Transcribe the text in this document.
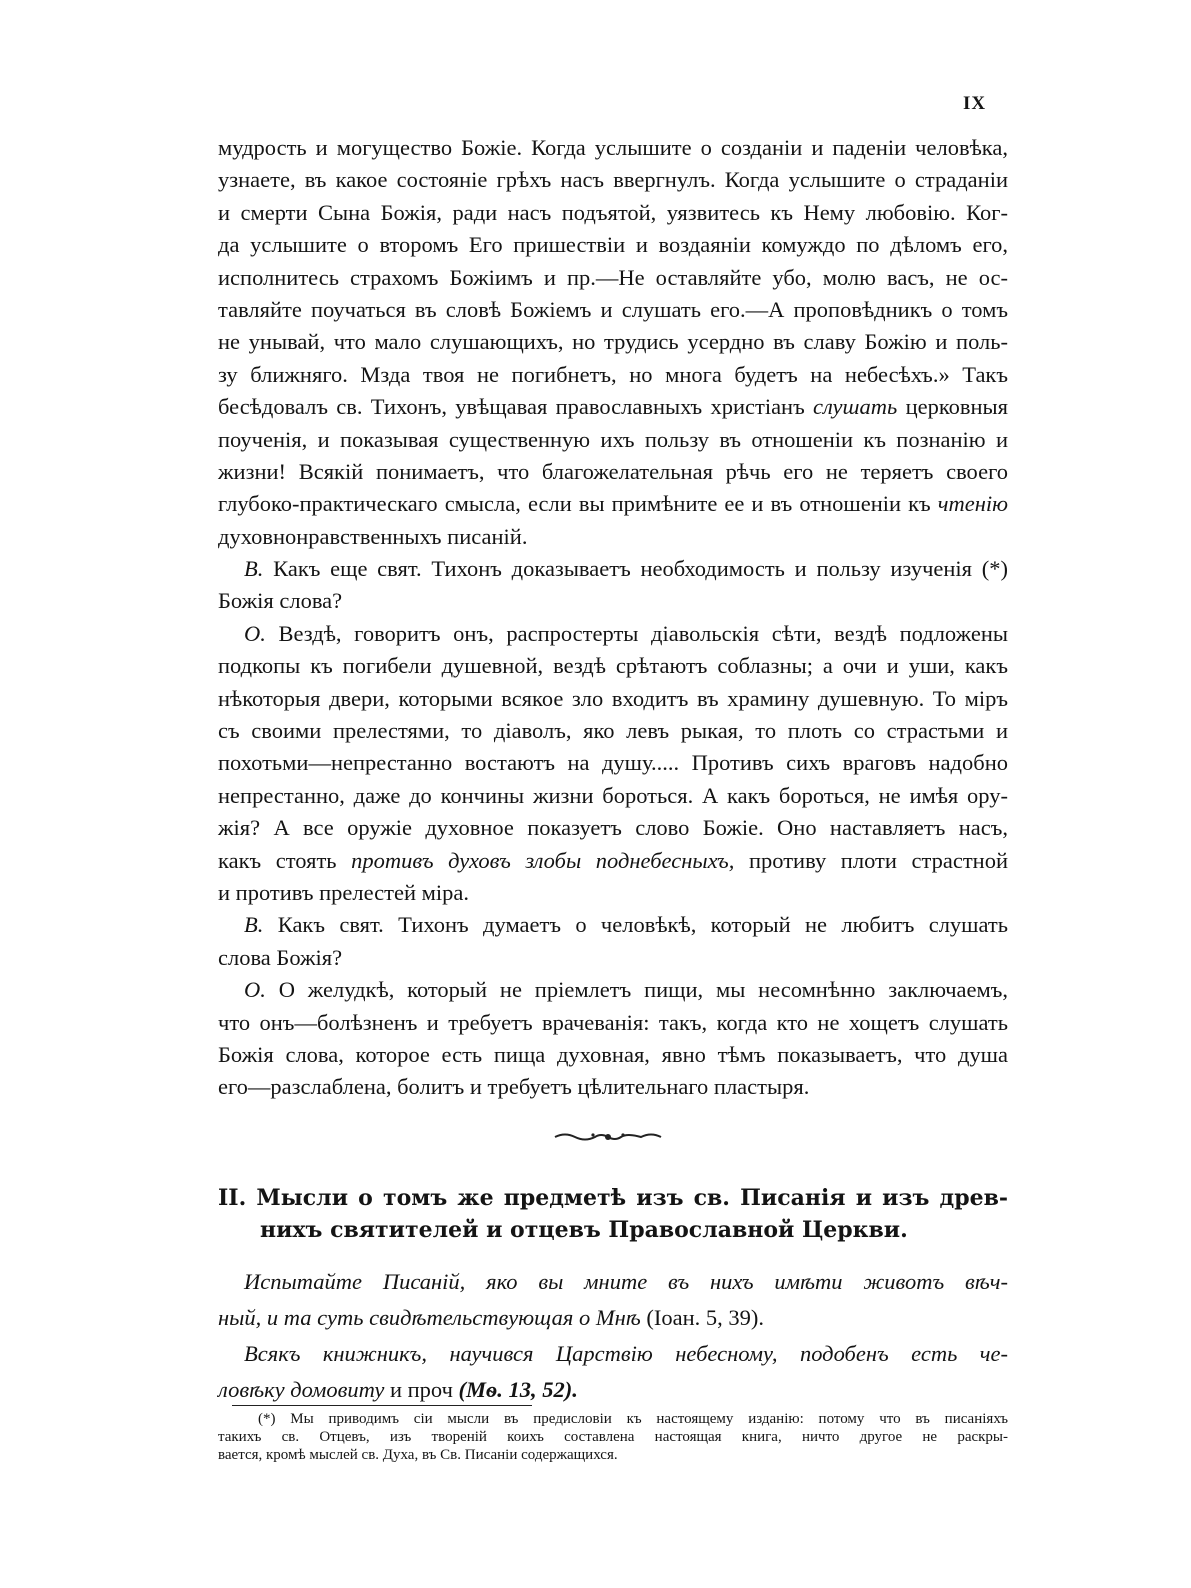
IX
мудрость и могущество Божіе. Когда услышите о созданіи и паденіи человѣка,
узнаете, въ какое состояніе грѣхъ насъ ввергнулъ. Когда услышите о страданіи
и смерти Сына Божія, ради насъ подъятой, уязвитесь къ Нему любовію. Ког-
да услышите о второмъ Его пришествіи и воздаяніи комуждо по дѣломъ его,
исполнитесь страхомъ Божіимъ и пр.—Не оставляйте убо, молю васъ, не ос-
тавляйте поучаться въ словѣ Божіемъ и слушать его.—А проповѣдникъ о томъ
не унывай, что мало слушающихъ, но трудись усердно въ славу Божію и поль-
зу ближняго. Мзда твоя не погибнетъ, но многа будетъ на небесѣхъ.» Такъ
бесѣдовалъ св. Тихонъ, увѣщавая православныхъ христіанъ слушать церковныя
поученія, и показывая существенную ихъ пользу въ отношеніи къ познанію и
жизни! Всякій понимаетъ, что благожелательная рѣчь его не теряетъ своего
глубоко-практическаго смысла, если вы примѣните ее и въ отношеніи къ чтенію
духовнонравственныхъ писаній.
В. Какъ еще свят. Тихонъ доказываетъ необходимость и пользу изученія (*)
Божія слова?
О. Вездѣ, говоритъ онъ, распростерты діавольскія сѣти, вездѣ подложены
подкопы къ погибели душевной, вездѣ срѣтаютъ соблазны; а очи и уши, какъ
нѣкоторыя двери, которыми всякое зло входитъ въ храмину душевную. То міръ
съ своими прелестями, то діаволъ, яко левъ рыкая, то плоть со страстьми и
похотьми—непрестанно востаютъ на душу..... Противъ сихъ враговъ надобно
непрестанно, даже до кончины жизни бороться. А какъ бороться, не имѣя ору-
жія? А все оружіе духовное показуетъ слово Божіе. Оно наставляетъ насъ,
какъ стоять противъ духовъ злобы поднебесныхъ, противу плоти страстной
и противъ прелестей міра.
В. Какъ свят. Тихонъ думаетъ о человѣкѣ, который не любитъ слушать
слова Божія?
О. О желудкѣ, который не пріемлетъ пищи, мы несомнѣнно заключаемъ,
что онъ—болѣзненъ и требуетъ врачеванія: такъ, когда кто не хощетъ слушать
Божія слова, которое есть пища духовная, явно тѣмъ показываетъ, что душа
его—разслаблена, болитъ и требуетъ цѣлительнаго пластыря.
II. Мысли о томъ же предметѣ изъ св. Писанія и изъ древ-
нихъ святителей и отцевъ Православной Церкви.
Испытайте Писаній, яко вы мните въ нихъ имѣти животъ вѣч-
ный, и та суть свидѣтельствующая о Мнѣ (Іоан. 5, 39).
Всякъ книжникъ, научився Царствію небесному, подобенъ есть че-
ловѣку домовиту и проч (Мѳ. 13, 52).
(*) Мы приводимъ сіи мысли въ предисловіи къ настоящему изданію: потому что въ писаніяхъ
такихъ св. Отцевъ, изъ твореній коихъ составлена настоящая книга, ничто другое не раскры-
вается, кромѣ мыслей св. Духа, въ Св. Писаніи содержащихся.
